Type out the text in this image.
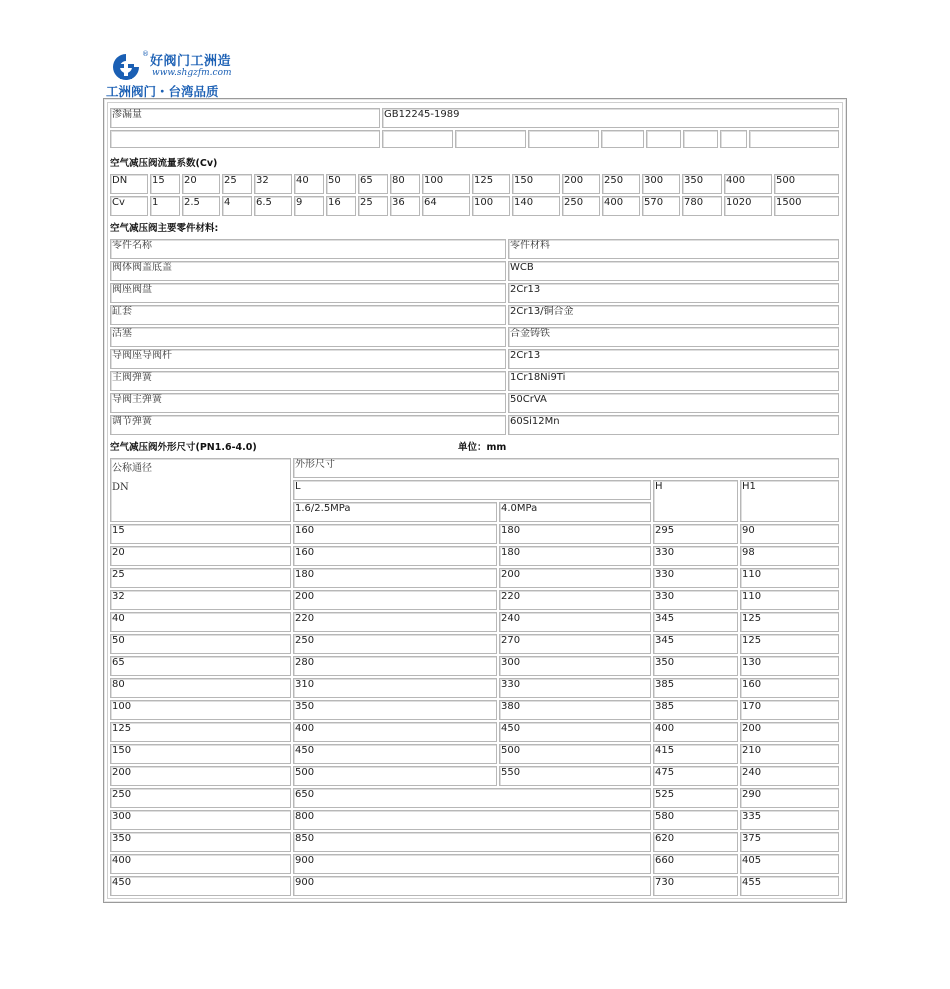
® 好阀门工洲造
www.shgzfm.com
工洲阀门・台湾品质
渗漏量	GB12245-1989

空气减压阀流量系数(Cv)
DN	15	20	25	32	40	50	65	80	100	125	150	200	250	300	350	400	500
Cv	1	2.5	4	6.5	9	16	25	36	64	100	140	250	400	570	780	1020	1500
空气减压阀主要零件材料:
零件名称	零件材料
阀体阀盖底盖	WCB
阀座阀盘	2Cr13
缸套	2Cr13/铜合金
活塞	合金铸铁
导阀座导阀杆	2Cr13
主阀弹簧	1Cr18Ni9Ti
导阀主弹簧	50CrVA
调节弹簧	60Si12Mn
空气减压阀外形尺寸(PN1.6-4.0)	单位：mm
公称通径
DN	外形尺寸			
	L		H	H1
	1.6/2.5MPa	4.0MPa		
15	160	180	295	90
20	160	180	330	98
25	180	200	330	110
32	200	220	330	110
40	220	240	345	125
50	250	270	345	125
65	280	300	350	130
80	310	330	385	160
100	350	380	385	170
125	400	450	400	200
150	450	500	415	210
200	500	550	475	240
250	650		525	290
300	800		580	335
350	850		620	375
400	900		660	405
450	900		730	455
